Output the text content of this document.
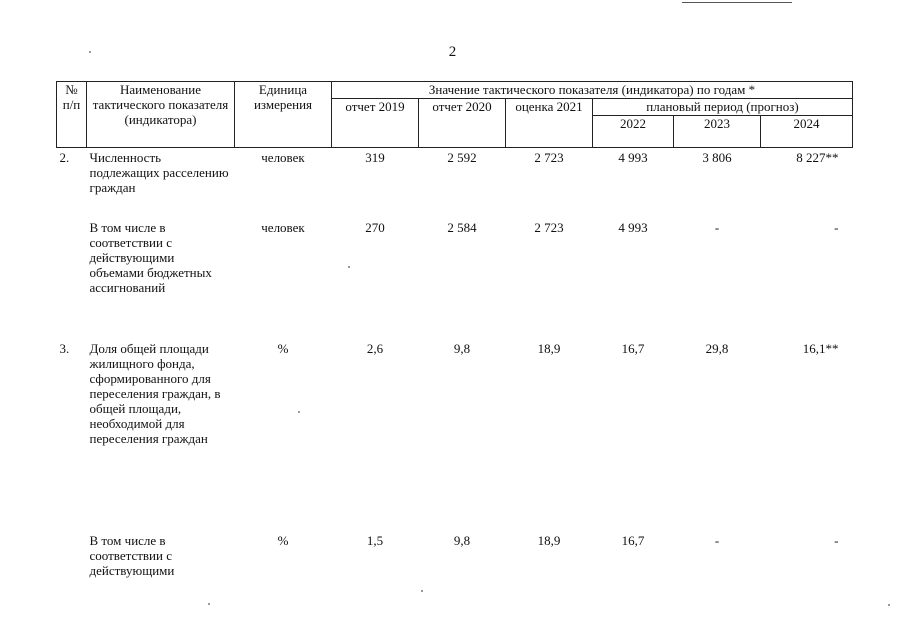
2
№ п/п	Наименование тактического показателя (индикатора)	Единица измерения	Значение тактического показателя (индикатора) по годам *					
			отчет 2019	отчет 2020	оценка 2021	плановый период (прогноз)		
						2022	2023	2024
2.	Численность подлежащих расселению граждан	человек	319	2 592	2 723	4 993	3 806	8 227**
	В том числе в соответствии с действующими объемами бюджетных ассигнований	человек	270	2 584	2 723	4 993	-	-
3.	Доля общей площади жилищного фонда, сформированного для переселения граждан, в общей площади, необходимой для переселения граждан	%	2,6	9,8	18,9	16,7	29,8	16,1**
	В том числе в соответствии с действующими	%	1,5	9,8	18,9	16,7	-	-
